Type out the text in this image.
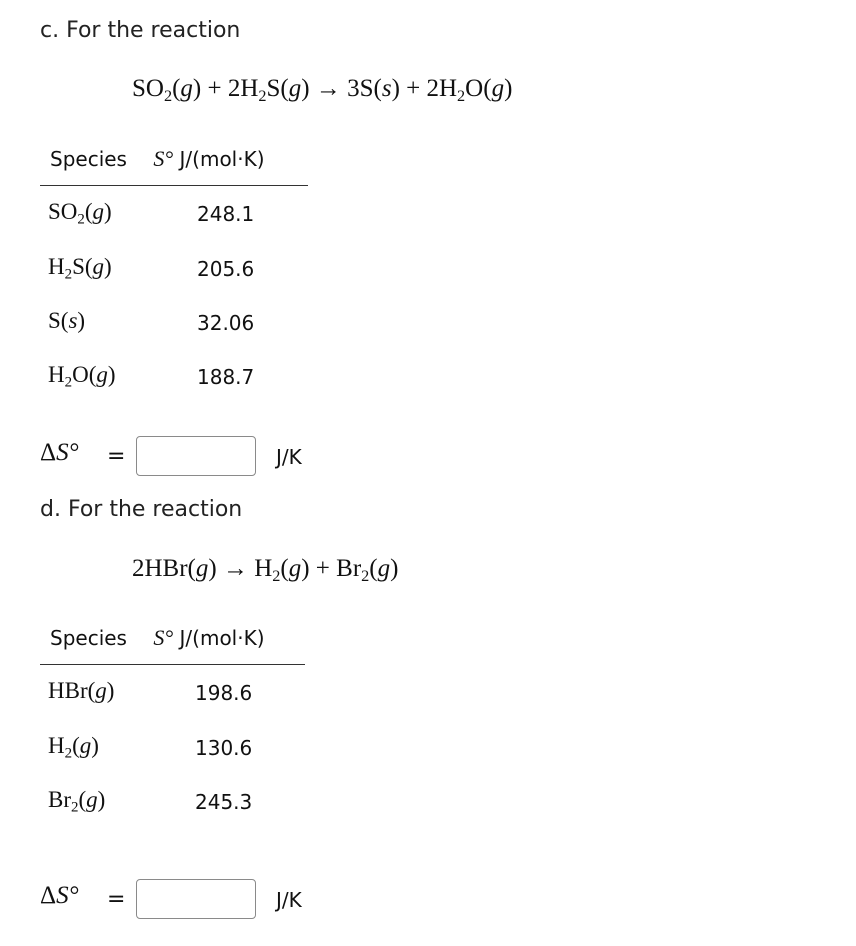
c. For the reaction
$SO_2(g) + 2H_2S(g) \to 3S(s) + 2H_2O(g)$
Species S° J/(mol·K)
$SO_2(g)$	248.1
$H_2S(g)$	205.6
S(s)	32.06
$H_2O(g)$	188.7
ΔS° =	J/K
d. For the reaction
$2HBr(g) \to H_2(g) + Br_2(g)$
Species S° J/(mol·K)
HBr(g)	198.6
$H_2(g)$	130.6
$Br_2(g)$	245.3
ΔS° =	J/K
